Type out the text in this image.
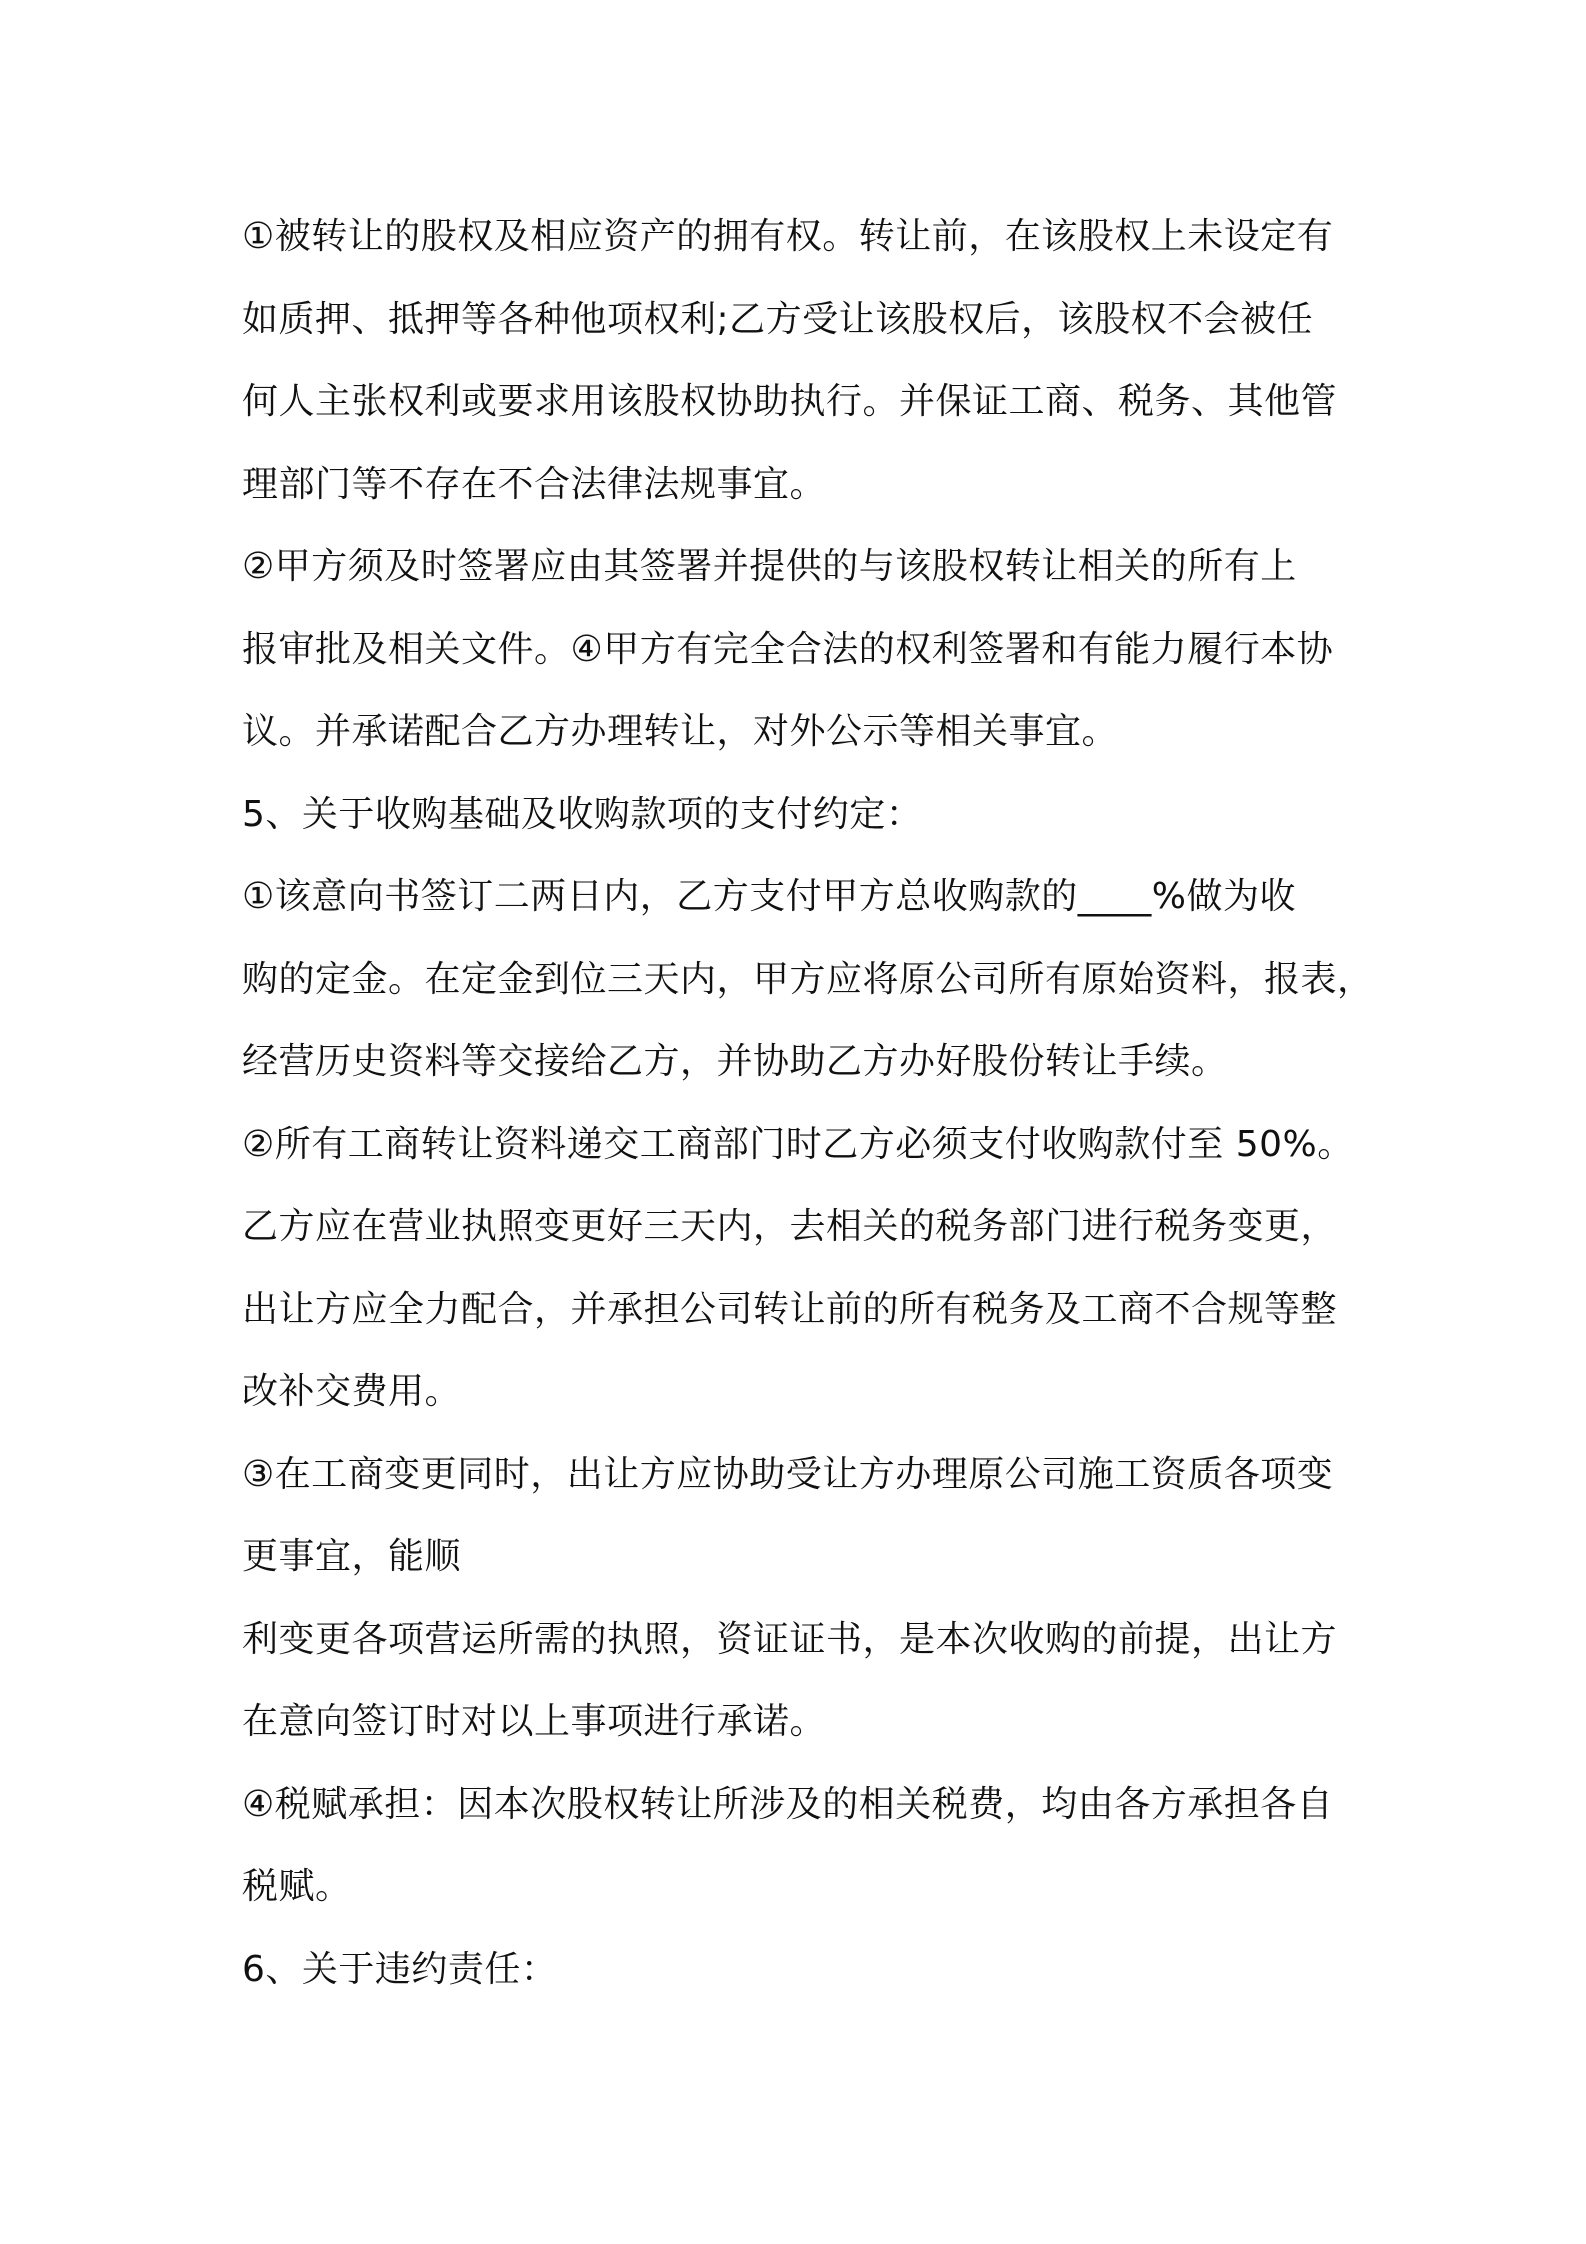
①被转让的股权及相应资产的拥有权。转让前，在该股权上未设定有
如质押、抵押等各种他项权利;乙方受让该股权后，该股权不会被任
何人主张权利或要求用该股权协助执行。并保证工商、税务、其他管
理部门等不存在不合法律法规事宜。
②甲方须及时签署应由其签署并提供的与该股权转让相关的所有上
报审批及相关文件。④甲方有完全合法的权利签署和有能力履行本协
议。并承诺配合乙方办理转让，对外公示等相关事宜。
5、关于收购基础及收购款项的支付约定：
①该意向书签订二两日内，乙方支付甲方总收购款的____%做为收
购的定金。在定金到位三天内，甲方应将原公司所有原始资料，报表，
经营历史资料等交接给乙方，并协助乙方办好股份转让手续。
②所有工商转让资料递交工商部门时乙方必须支付收购款付至 50%。
乙方应在营业执照变更好三天内，去相关的税务部门进行税务变更，
出让方应全力配合，并承担公司转让前的所有税务及工商不合规等整
改补交费用。
③在工商变更同时，出让方应协助受让方办理原公司施工资质各项变
更事宜，能顺
利变更各项营运所需的执照，资证证书，是本次收购的前提，出让方
在意向签订时对以上事项进行承诺。
④税赋承担：因本次股权转让所涉及的相关税费，均由各方承担各自
税赋。
6、关于违约责任：
